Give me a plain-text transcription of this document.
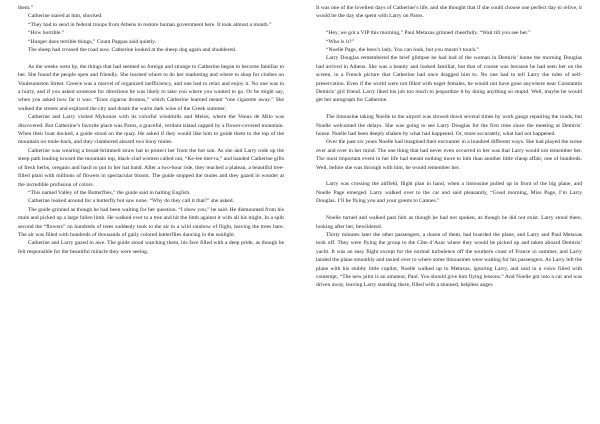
them.”

Catherine stared at him, shocked.

“They had to send in federal troops from Athens to restore human government here. It took almost a month.”

“How horrible.”

“Hunger does terrible things,” Count Pappas said quietly.

The sheep had crossed the road now. Catherine looked at the sheep dog again and shuddered.

As the weeks went by, the things that had seemed so foreign and strange to Catherine began to become familiar to her. She found the people open and friendly. She learned where to do her marketing and where to shop for clothes on Vouleuonston Street. Greece was a marvel of organized inefficiency, and one had to relax and enjoy it. No one was in a hurry, and if you asked someone for directions he was likely to take you where you wanted to go. Or he might say, when you asked how far it was: “Enos cigarou dromos,” which Catherine learned meant “one cigarette away.” She walked the streets and explored the city and drank the warm dark wine of the Greek summer.

Catherine and Larry visited Mykonos with its colorful windmills and Melos, where the Venus de Milo was discovered. But Catherine’s favorite place was Paros, a graceful, verdant island capped by a flower-covered mountain. When their boat docked, a guide stood on the quay. He asked if they would like him to guide them to the top of the mountain on mule-back, and they clambered aboard two bony mules.

Catherine was wearing a broad-brimmed straw hat to protect her from the hot sun. As she and Larry rode up the steep path leading toward the mountain top, black-clad women called out, “Ke-lee mer-ra,” and handed Catherine gifts of fresh herbs, oregano and basil to put in her hat band. After a two-hour ride, they reached a plateau, a beautiful tree-filled plain with millions of flowers in spectacular bloom. The guide stopped the mules and they gazed in wonder at the incredible profusion of colors.

“This named Valley of the Butterflies,” the guide said in halting English.

Catherine looked around for a butterfly but saw none. “Why do they call it that?” she asked.

The guide grinned as though he had been waiting for her question. “I show you,” he said. He dismounted from his mule and picked up a large fallen limb. He walked over to a tree and hit the limb against it with all his might. In a split second the “flowers” on hundreds of trees suddenly took to the air in a wild rainbow of flight, leaving the trees bare. The air was filled with hundreds of thousands of gaily colored butterflies dancing in the sunlight.

Catherine and Larry gazed in awe. The guide stood watching them, his face filled with a deep pride, as though he felt responsible for the beautiful miracle they were seeing.

It was one of the loveliest days of Catherine’s life, and she thought that if she could choose one perfect day to relive, it would be the day she spent with Larry on Paros.

“Hey, we got a VIP this morning,” Paul Metaxas grinned cheerfully. “Wait till you see her.”

“Who is it?”

“Noelle Page, the boss’s lady. You can look, but you mustn’t touch.”

Larry Douglas remembered the brief glimpse he had had of the woman in Demiris’ home the morning Douglas had arrived in Athens. She was a beauty and looked familiar, but that of course was because he had seen her on the screen, in a French picture that Catherine had once dragged him to. No one had to tell Larry the rules of self-preservation. Even if the world were not filled with eager females, he would not have gone anywhere near Constantin Demiris’ girl friend. Larry liked his job too much to jeopardize it by doing anything so stupid. Well, maybe he would get her autograph for Catherine.

The limousine taking Noelle to the airport was slowed down several times by work gangs repairing the roads, but Noelle welcomed the delays. She was going to see Larry Douglas for the first time since the meeting at Demiris’ house. Noelle had been deeply shaken by what had happened. Or, more accurately, what had not happened.

Over the past six years Noelle had imagined their encounter in a hundred different ways. She had played the scene over and over in her mind. The one thing that had never even occurred to her was that Larry would not remember her. The most important event in her life had meant nothing more to him than another little cheap affair, one of hundreds. Well, before she was through with him, he would remember her.

Larry was crossing the airfield, flight plan in hand, when a limousine pulled up in front of the big plane, and Noelle Page emerged. Larry walked over to the car and said pleasantly, “Good morning, Miss Page, I’m Larry Douglas. I’ll be flying you and your guests to Cannes.”

Noelle turned and walked past him as though he had not spoken, as though he did not exist. Larry stood there, looking after her, bewildered.

Thirty minutes later the other passengers, a dozen of them, had boarded the plane, and Larry and Paul Metaxas took off. They were flying the group to the Côte d’Azur where they would be picked up and taken aboard Demiris’ yacht. It was an easy flight except for the normal turbulence off the southern coast of France in summer, and Larry landed the plane smoothly and taxied over to where some limousines were waiting for his passengers. As Larry left the plane with his stubby little copilot, Noelle walked up to Metaxas, ignoring Larry, and said in a voice filled with contempt, “The new pilot is an amateur, Paul. You should give him flying lessons.” And Noelle got into a car and was driven away, leaving Larry standing there, filled with a stunned, helpless anger.
